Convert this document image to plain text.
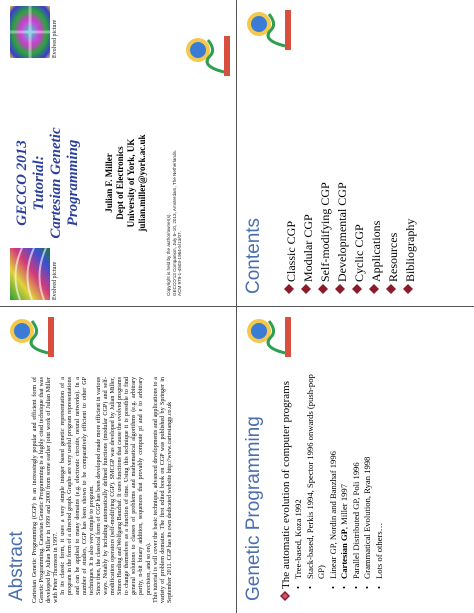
Abstract Cartesian Genetic Programming (CGP) is an increasingly popular and efficient form of Genetic Programming. Cartesian Genetic Programming is a highly cited technique that was developed by Julian Miller in 1999 and 2000 from some earlier joint work of Julian Miller with Peter Thomson in 1997. In its classic form, it uses a very simple integer based genetic representation of a program in the form of a directed graph. Graphs are very useful program representations and can be applied to many domains (e.g. electronic circuits, neural networks). In a number of studies, CGP has been shown to be comparatively efficient to other GP techniques. It is also very simple to program. Since then, the classical form of CGP has been developed made more efficient in various ways. Notably by including automatically defined functions (modular CGP) and self-modification operators (self-modifying CGP). SMCGP was developed by Julian Miller, Simon Harding and Wolfgang Banzhaf. It uses functions that cause the evolved programs to change themselves as a function of time. Using this technique it is possible to find general solutions to classes of problems and mathematical algorithms (e.g. arbitrary parity, n-bit binary addition, sequences that provably compute pi and e to arbitrary precision, and so on). This tutorial is will cover the basic technique, advanced developments and applications to a variety of problem domains. The first edited book on CGP was published by Springer in September 2011. CGP has its own dedicated website http://www.cartesiangp.co.uk

Evolved picture
GECCO 2013 Tutorial: Cartesian Genetic Programming
Evolved picture
Julian F. Miller Dept of Electronics University of York, UK julian.miller@york.ac.uk
Copyright is held by the author/owner(s). GECCO'13 Companion, July 6–10, 2013, Amsterdam, The Netherlands. ACM 978-1-4503-1964-5/13/07.
Genetic Programming The automatic evolution of computer programs • Tree-based, Koza 1992 • Stack-based, Perkis 1994, Spector 1996 onwards (push-pop GP) • Linear GP, Nordin and Banzhaf 1996 • Cartesian GP, Miller 1997 • Parallel Distributed GP, Poli 1996 • Grammatical Evolution, Ryan 1998 • Lots of others…
Contents Classic CGP Modular CGP Self-modifying CGP Developmental CGP Cyclic CGP Applications Resources Bibliography
